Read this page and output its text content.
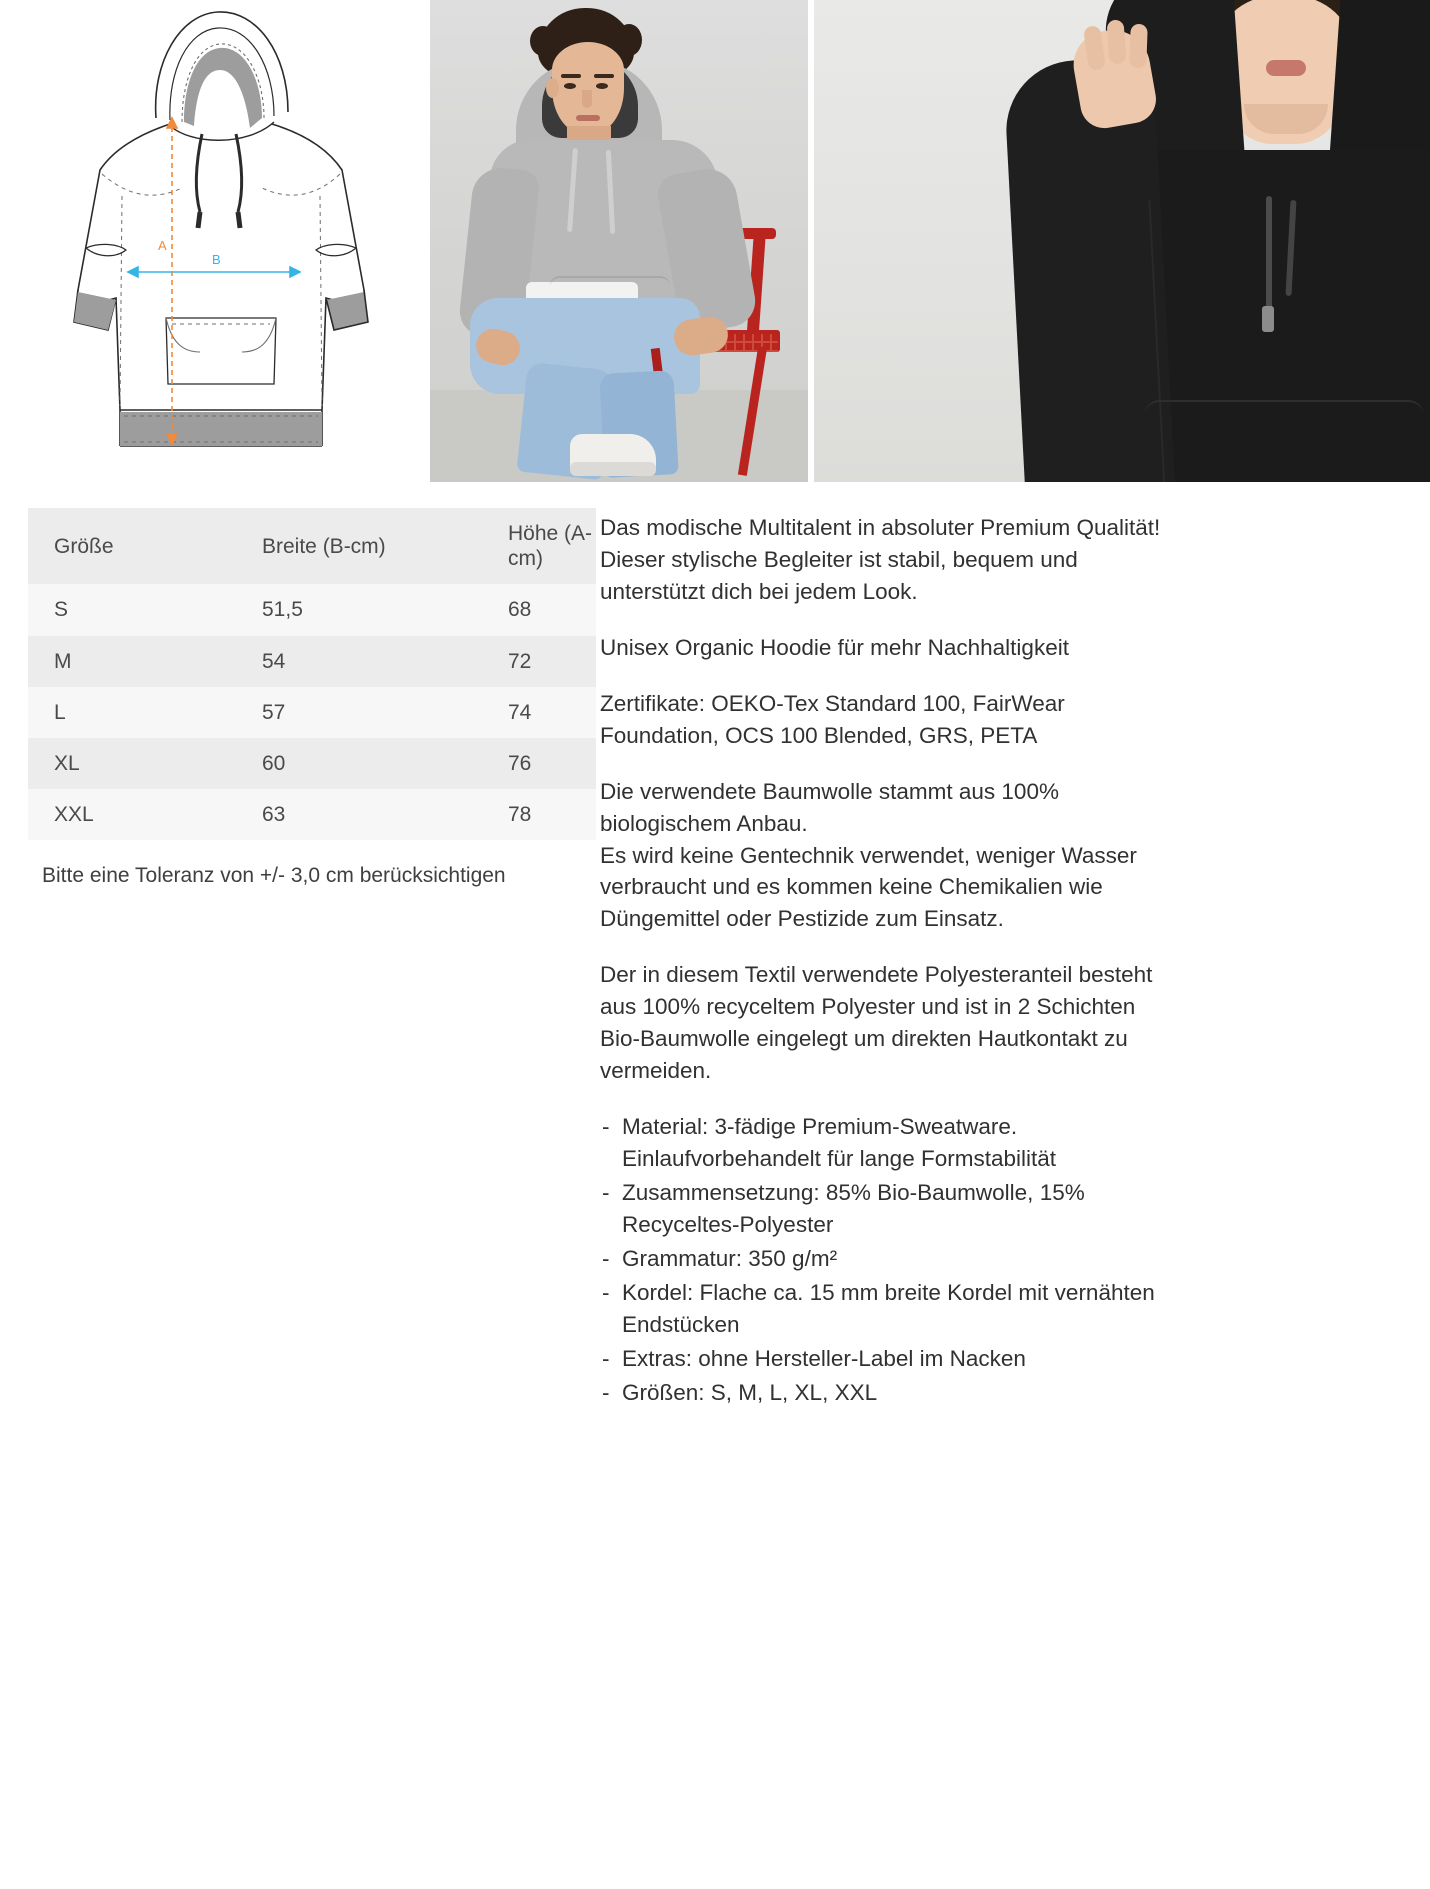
B
A
Größe	Breite (B-cm)	Höhe (A-cm)
S	51,5	68
M	54	72
L	57	74
XL	60	76
XXL	63	78
Bitte eine Toleranz von +/- 3,0 cm berücksichtigen

Das modische Multitalent in absoluter Premium Qualität! Dieser stylische Begleiter ist stabil, bequem und unterstützt dich bei jedem Look.

Unisex Organic Hoodie für mehr Nachhaltigkeit

Zertifikate: OEKO-Tex Standard 100, FairWear Foundation, OCS 100 Blended, GRS, PETA

Die verwendete Baumwolle stammt aus 100% biologischem Anbau.

Es wird keine Gentechnik verwendet, weniger Wasser verbraucht und es kommen keine Chemikalien wie Düngemittel oder Pestizide zum Einsatz.

Der in diesem Textil verwendete Polyesteranteil besteht aus 100% recyceltem Polyester und ist in 2 Schichten Bio-Baumwolle eingelegt um direkten Hautkontakt zu vermeiden.

- Material: 3-fädige Premium-Sweatware. Einlaufvorbehandelt für lange Formstabilität
- Zusammensetzung: 85% Bio-Baumwolle, 15% Recyceltes-Polyester
- Grammatur: 350 g/m²
- Kordel: Flache ca. 15 mm breite Kordel mit vernähten Endstücken
- Extras: ohne Hersteller-Label im Nacken
- Größen: S, M, L, XL, XXL
